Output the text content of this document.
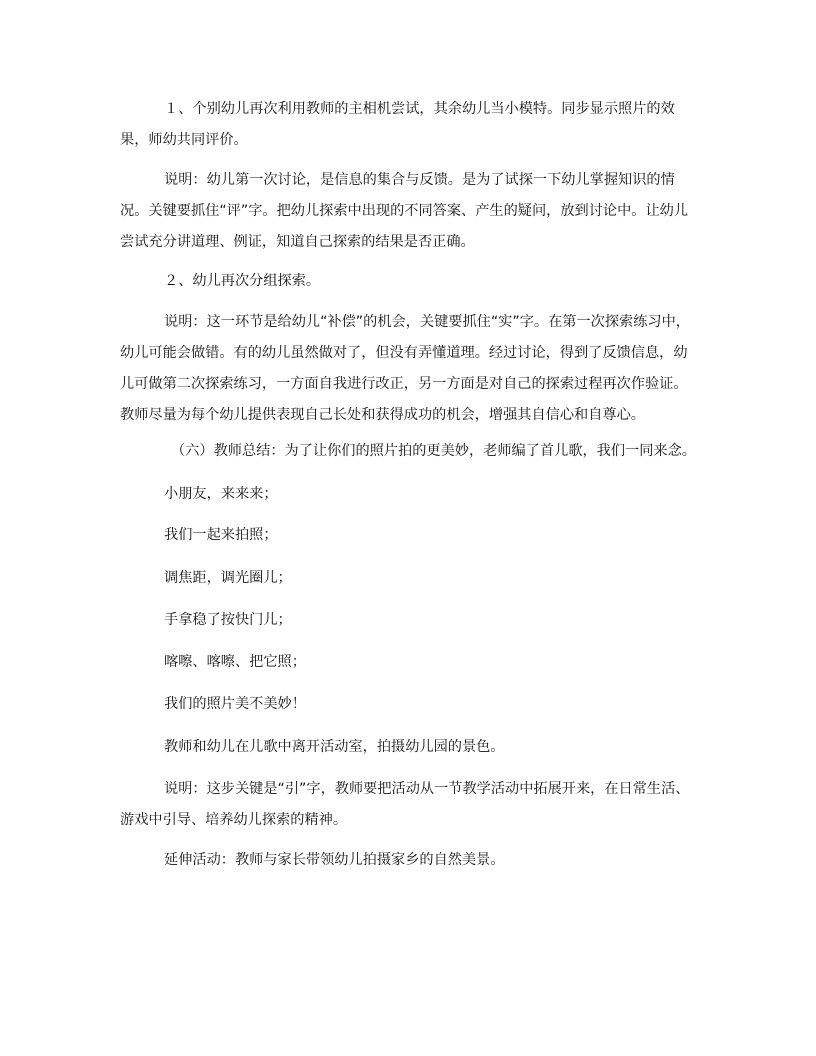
１、个别幼儿再次利用教师的主相机尝试，其余幼儿当小模特。同步显示照片的效果，师幼共同评价。

说明：幼儿第一次讨论，是信息的集合与反馈。是为了试探一下幼儿掌握知识的情况。关键要抓住“评”字。把幼儿探索中出现的不同答案、产生的疑问，放到讨论中。让幼儿尝试充分讲道理、例证，知道自己探索的结果是否正确。

２、幼儿再次分组探索。

说明：这一环节是给幼儿“补偿”的机会，关键要抓住“实”字。在第一次探索练习中，幼儿可能会做错。有的幼儿虽然做对了，但没有弄懂道理。经过讨论，得到了反馈信息，幼儿可做第二次探索练习，一方面自我进行改正，另一方面是对自己的探索过程再次作验证。教师尽量为每个幼儿提供表现自己长处和获得成功的机会，增强其自信心和自尊心。

（六）教师总结：为了让你们的照片拍的更美妙，老师编了首儿歌，我们一同来念。

小朋友，来来来；

我们一起来拍照；

调焦距，调光圈儿；

手拿稳了按快门儿；

喀嚓、喀嚓、把它照；

我们的照片美不美妙！

教师和幼儿在儿歌中离开活动室，拍摄幼儿园的景色。

说明：这步关键是“引”字，教师要把活动从一节教学活动中拓展开来，在日常生活、游戏中引导、培养幼儿探索的精神。

延伸活动：教师与家长带领幼儿拍摄家乡的自然美景。
